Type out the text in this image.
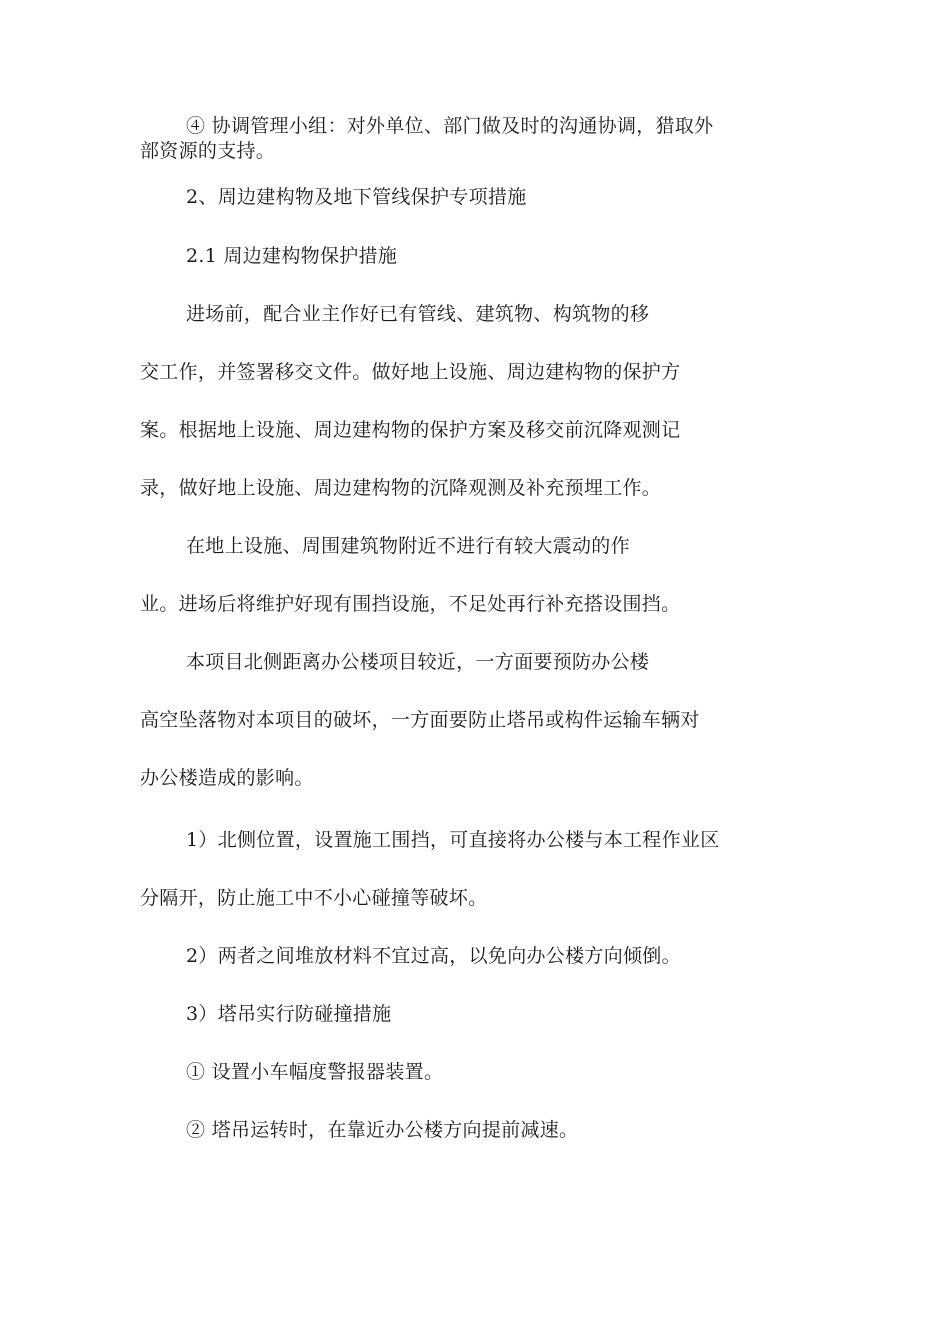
④ 协调管理小组：对外单位、部门做及时的沟通协调，猎取外
部资源的支持。
2、周边建构物及地下管线保护专项措施
2.1 周边建构物保护措施
进场前，配合业主作好已有管线、建筑物、构筑物的移
交工作，并签署移交文件。做好地上设施、周边建构物的保护方
案。根据地上设施、周边建构物的保护方案及移交前沉降观测记
录，做好地上设施、周边建构物的沉降观测及补充预埋工作。
在地上设施、周围建筑物附近不进行有较大震动的作
业。进场后将维护好现有围挡设施，不足处再行补充搭设围挡。
本项目北侧距离办公楼项目较近，一方面要预防办公楼
高空坠落物对本项目的破坏，一方面要防止塔吊或构件运输车辆对
办公楼造成的影响。
1）北侧位置，设置施工围挡，可直接将办公楼与本工程作业区
分隔开，防止施工中不小心碰撞等破坏。
2）两者之间堆放材料不宜过高，以免向办公楼方向倾倒。
3）塔吊实行防碰撞措施
① 设置小车幅度警报器装置。
② 塔吊运转时，在靠近办公楼方向提前减速。
